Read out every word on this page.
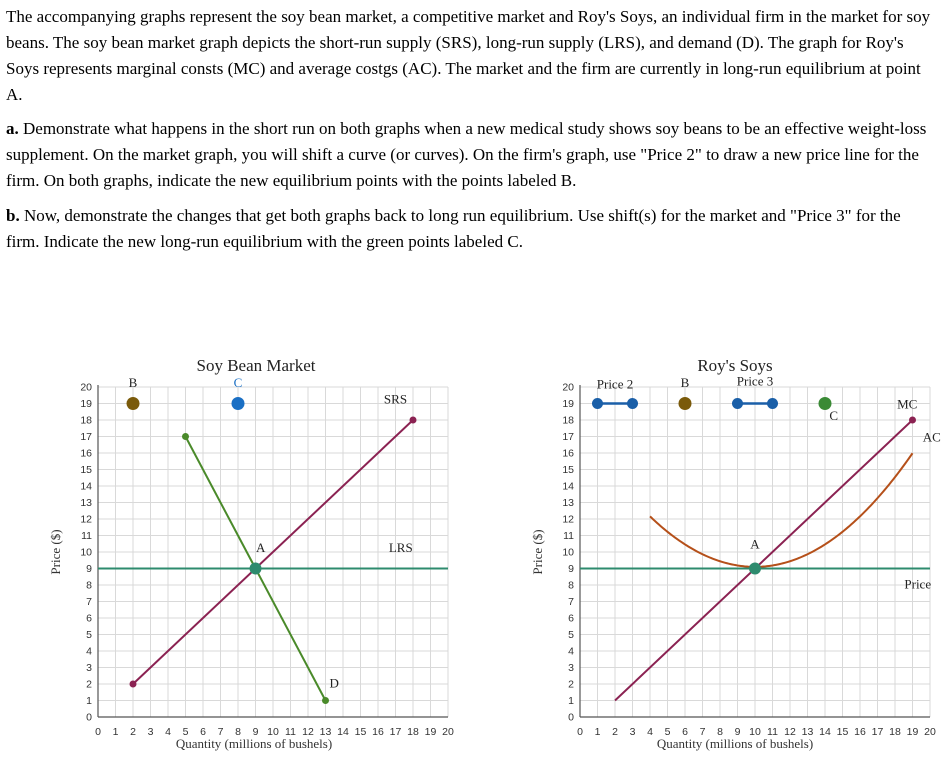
The accompanying graphs represent the soy bean market, a competitive market and Roy's Soys, an individual firm in the market for soy beans. The soy bean market graph depicts the short-run supply (SRS), long-run supply (LRS), and demand (D). The graph for Roy's Soys represents marginal consts (MC) and average costgs (AC). The market and the firm are currently in long-run equilibrium at point A.
a. Demonstrate what happens in the short run on both graphs when a new medical study shows soy beans to be an effective weight-loss supplement. On the market graph, you will shift a curve (or curves). On the firm's graph, use "Price 2" to draw a new price line for the firm. On both graphs, indicate the new equilibrium points with the points labeled B.
b. Now, demonstrate the changes that get both graphs back to long run equilibrium. Use shift(s) for the market and "Price 3" for the firm. Indicate the new long-run equilibrium with the green points labeled C.
0 1 2 3 4 5 6 7 8 9 10 11 12 13 14 15 16 17 18 19 20
0
1
2
3
4
5
6
7
8
9
10
11
12
13
14
15
16
17
18
19
20
Soy Bean Market
Quantity (millions of bushels)
Price ($)
SRS
D
LRS
A
B	C
0 1 2 3 4 5 6 7 8 9 10 11 12 13 14 15 16 17 18 19 20
0
1
2
3
4
5
6
7
8
9
10
11
12
13
14
15
16
17
18
19
20
Roy's Soys
Quantity (millions of bushels)
Price ($)
MC
AC
Price
Price 2	Price 3
A
B
C
